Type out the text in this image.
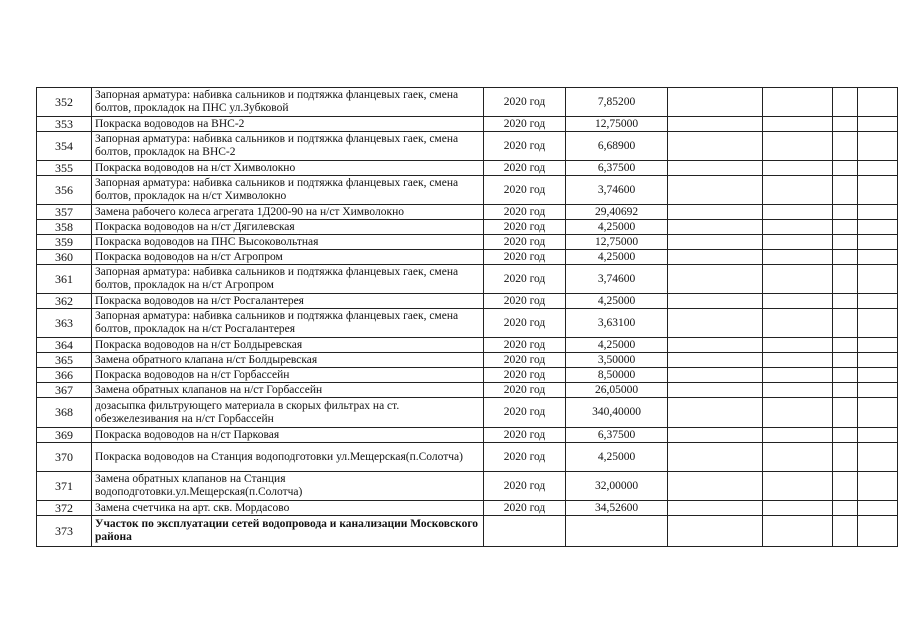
352	Запорная арматура: набивка сальников и подтяжка фланцевых гаек, смена болтов, прокладок на ПНС ул.Зубковой	2020 год	7,85200				
353	Покраска водоводов на ВНС-2	2020 год	12,75000				
354	Запорная арматура: набивка сальников и подтяжка фланцевых гаек, смена болтов, прокладок на ВНС-2	2020 год	6,68900				
355	Покраска водоводов на н/ст Химволокно	2020 год	6,37500				
356	Запорная арматура: набивка сальников и подтяжка фланцевых гаек, смена болтов, прокладок на н/ст Химволокно	2020 год	3,74600				
357	Замена рабочего колеса агрегата 1Д200-90 на н/ст Химволокно	2020 год	29,40692				
358	Покраска водоводов на н/ст Дягилевская	2020 год	4,25000				
359	Покраска водоводов на ПНС Высоковольтная	2020 год	12,75000				
360	Покраска водоводов на н/ст Агропром	2020 год	4,25000				
361	Запорная арматура: набивка сальников и подтяжка фланцевых гаек, смена болтов, прокладок на н/ст Агропром	2020 год	3,74600				
362	Покраска водоводов на н/ст Росгалантерея	2020 год	4,25000				
363	Запорная арматура: набивка сальников и подтяжка фланцевых гаек, смена болтов, прокладок на н/ст Росгалантерея	2020 год	3,63100				
364	Покраска водоводов на н/ст Болдыревская	2020 год	4,25000				
365	Замена обратного клапана н/ст Болдыревская	2020 год	3,50000				
366	Покраска водоводов на н/ст Горбассейн	2020 год	8,50000				
367	Замена обратных клапанов на н/ст Горбассейн	2020 год	26,05000				
368	дозасыпка фильтрующего материала в скорых фильтрах на ст. обезжелезивания на н/ст Горбассейн	2020 год	340,40000				
369	Покраска водоводов на н/ст Парковая	2020 год	6,37500				
370	Покраска водоводов на Станция водоподготовки ул.Мещерская(п.Солотча)	2020 год	4,25000				
371	Замена обратных клапанов на Станция водоподготовки.ул.Мещерская(п.Солотча)	2020 год	32,00000				
372	Замена счетчика на арт. скв. Мордасово	2020 год	34,52600				
373	Участок по эксплуатации сетей водопровода и канализации Московского района						
